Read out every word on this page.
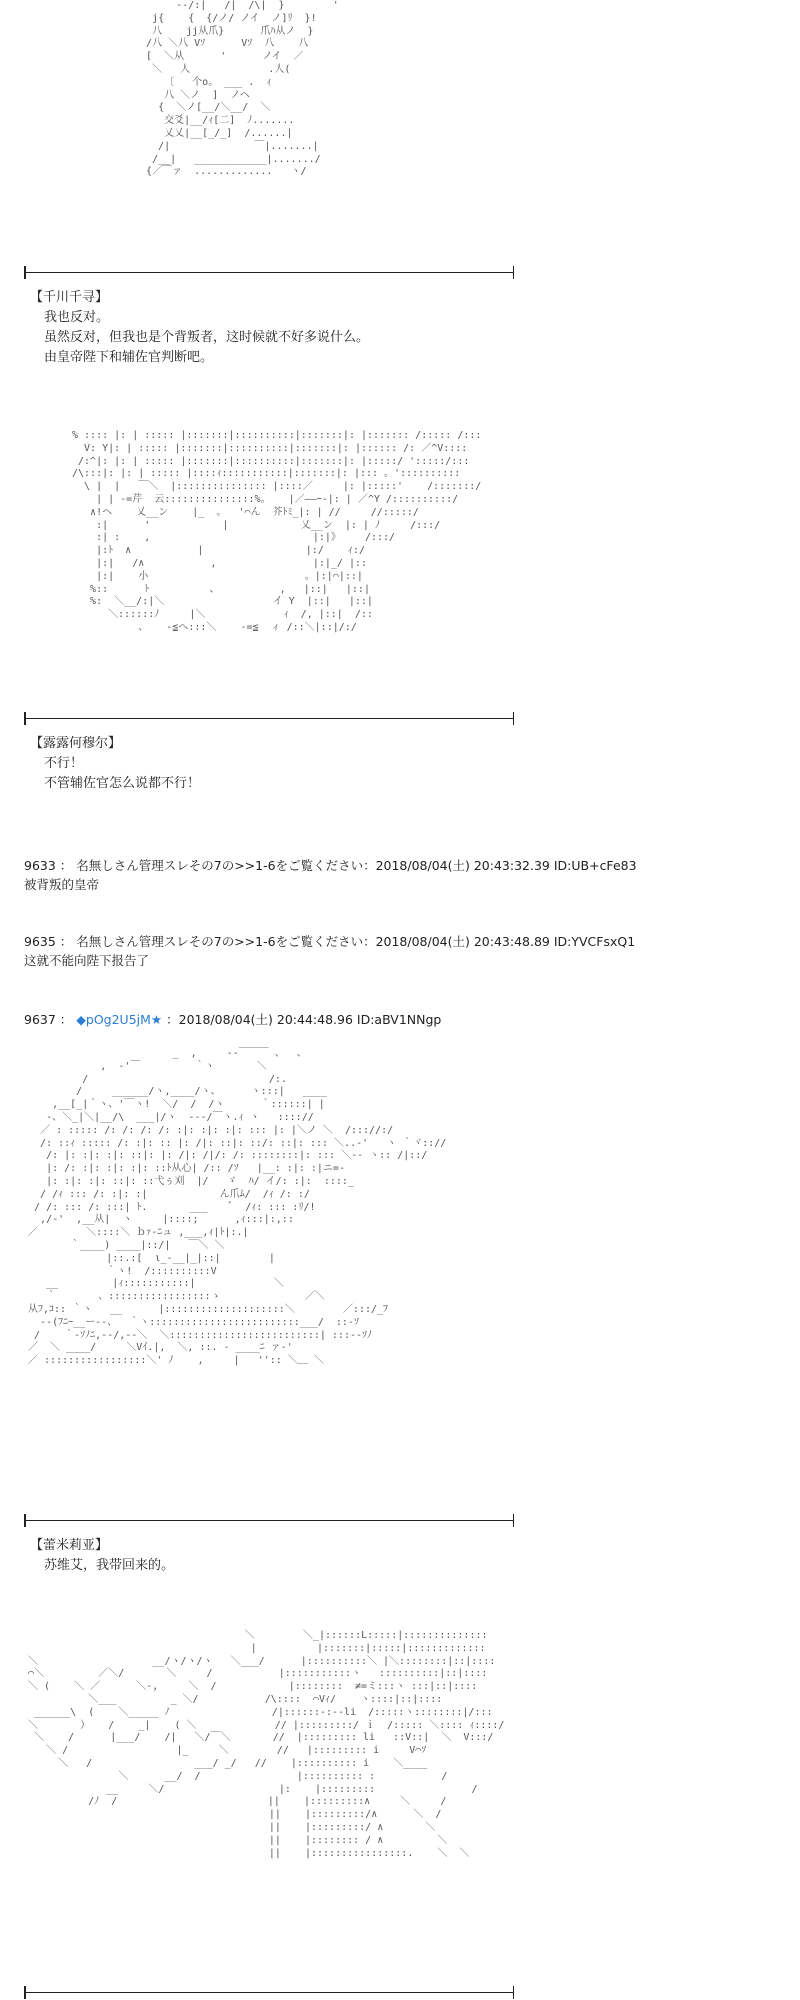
-‐/:|   /|  /\|  }        '
j{    {  {/ノ/ ノイ  ノ]ﾘ  }!
八    jj从爪}      爪ﾊ从ノ  }
/八 ＼八 Vｿ      Vｿ  八    八
[  ＼从      '      ノイ  ／
＼   人             .人(
〔   个o。 ___ .  ｨ
八 ＼ノ  ]  ノヘ
{  ＼ノ[__/＼__/  ＼
交爻|__/ｨ[二]  ﾉ.......
乂乂|__[_/_]  /......|
/|              ￣|.......|
/__|   ____________|......./
{／￣ァ  .............   ヽ/
【千川千寻】
我也反对。
虽然反对，但我也是个背叛者，这时候就不好多说什么。
由皇帝陛下和辅佐官判断吧。
% :::: |: | ::::: |:::::::|::::::::::|:::::::|: |::::::: /::::: /:::
V: Y|: | ::::: |:::::::|::::::::::|:::::::|: |:::::: /: ／^V::::
/:^|: |: | ::::: |:::::::|::::::::::|:::::::|: |:::::/ ':::::/:::
/\:::|: |: | ::::: |::::ｨ:::::::::::|:::::::|: |::: 。'::::::::::
\ |  |   ￣＼  |::::::::::::::: |::::／     |: |:::::'    /:::::::/
| | -=芹  云:::::::::::::::%。   |／――ｰ-|: | ／^Y /::::::::::/
∧!ヘ    乂__ン    |_  。  '⌒ん  芥ﾄﾐ_|: | //     //:::::/
:|      '            |            乂__ン  |: | ﾉ     /:::/
:| :    ,                           |:|》    /:::/
|:ﾄ  ∧           |                 |:/    ｨ:/
|:|   /∧           ,                |:|_/ |::
|:|    小                          。|:|⌒|::|
%::      ﾄ          、          ,   |::|   |::|
%:  ＼__/:|＼                  イ Y  |::|   |::|
＼::::::ﾉ     |＼             ｨ  /, |::|  /::
、   -≦へ:::＼    -=≦  ィ /::＼|::|/:/
【露露何穆尔】
不行！
不管辅佐官怎么说都不行！
9633 ： 名無しさん管理スレその7の>>1-6をご覧ください：2018/08/04(土) 20:43:32.39 ID:UB+cFe83
被背叛的皇帝
9635 ： 名無しさん管理スレその7の>>1-6をご覧ください：2018/08/04(土) 20:43:48.89 ID:YVCFsxQ1
这就不能向陛下报告了
9637 ： ◆pOg2U5jM★ ：2018/08/04(土) 20:44:48.96 ID:aBV1NNgp
_  ,     -‐￣￣￣ 、  、
,  ‐'￣         ｀ヽ       ＼
/                              /:.
/     ______/ヽ,____/ヽ、     ヽ:::|   ____
,__[_|｀ヽ、'￣ヽ!  ＼/  /  /ヽ      ｀::::::| |
-、＼_|＼|__/\  ___|/ヽ  ---/￣ヽ.ｨ ヽ   :::://
／ : ::::: /: /: /: /: :|: :|: :|: ::: |: |＼ノ ＼  /::://:/
/: ::ｨ ::::: /: :|: :: |: /|: ::|: ::/: ::|: ::: ＼..-'   ヽ ｀ヾ:://
/: |: :|: :|: ::|: |: /|: /|/: /: ::::::::|: ::: ＼-- ヽ:: /|::/
|: /: :|: :|: :|: ::ﾄ从心| /:: /ｿ   |__: :|: :|ニ=-
|: :|: :|: ::|: ::弋ぅ刈  |/   ゞ  ﾊ/ イ/: :|:  ::::_
/ /ｨ ::: /: :|: :|            ん爪ﾑ/  /ｨ /: :/
/ /: ::: /: :::| ﾄ.       ___    ﾞ  /ｨ: ::: :ﾘ/!
,/‐'  ,__从|  ヽ     |::::;      ,ｨ:::|:,::
／        ＼::::＼ ｂｧ-ﾆュ ,___,ｨ|ﾄ|:.|
｀____) ____|::/|   ￣＼ ＼
|::.:[  ι_-__|_|::|        |
｀ヽ!  /::::::::::V
__         |ｨ:::::::::::|             ＼
｀       、:::::::::::::::::ゝ              ／＼
从ﾌ,ｺ:: ｀ヽ   __      |::::::::::::::::::::＼        ／:::/_ﾌ
‐-(ﾌﾆｰ__ー‐‐、  ｀ヽ:::::::::::::::::::::::::___/  ::-ｿ
/    ｀-ｿﾉﾆ,-‐/,--＼  ＼:::::::::::::::::::::::::| :::--ｿﾉ
／  ＼ ____/     ＼Vｲ.|,  ＼, ::. - ____ﾆ ァ-'
／ :::::::::::::::::＼' ﾉ    ,     |   '':: ＼＿ ＼
【蕾米莉亚】
苏维艾，我带回来的。
＼        ＼_|::::::L:::::|::::::::::::::
|          |:::::::|:::::|:::::::::::::
＼                   __/ヽ/ヽ/ヽ   ＼___/      |::::::::::＼ |＼::::::::|::|::::
⌒＼         ／＼/       ＼     /           |:::::::::::ヽ   ::::::::::|::|::::
＼ (    ＼ ／      ＼-,     ＼  /            |::::::::  ≠=ミ:::ヽ :::|::|::::
＼___         _ ＼/           /\::::  ⌒Vｨ/    ヽ::::|::|::::
______\  (    ＼_____ ﾉ                 /|::::::-:--li  /:::::ヽ::::::::|/:::
＼       ）   /    _|    ( ＼             // |:::::::::/ ｉ  /::::: ＼:::: ｨ::::/
＼    /      |___/    /|   ＼/￣＼       //  |::::::::: li   ::V::|  ＼  V:::/
＼ /                  |_     ＼        //   |::::::::: i     V⌒ｿ
＼   /                 ___/ _/   //    |:::::::::: i    ＼____
＼      __/  /                |:::::::::: :           /
__     ＼/                   |:    |:::::::::                /
/ﾉ  /                         ||    |:::::::::∧     ＼     /
||    |:::::::::/∧      ＼  /
||    |:::::::::/ ∧       ＼
||    |:::::::: / ∧         ＼
||    |::::::::::::::::.    ＼  ＼
